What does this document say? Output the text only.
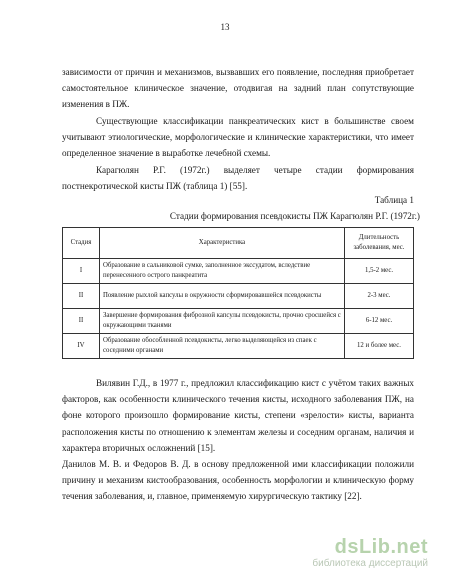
13

зависимости от причин и механизмов, вызвавших его появление, последняя приобретает самостоятельное клиническое значение, отодвигая на задний план сопутствующие изменения в ПЖ.

Существующие классификации панкреатических кист в большинстве своем учитывают этиологические, морфологические и клинические характеристики, что имеет определенное значение в выработке лечебной схемы.

Карагюлян Р.Г. (1972г.) выделяет четыре стадии формирования постнекротической кисты ПЖ (таблица 1) [55].

Таблица 1
Стадии формирования псевдокисты ПЖ Карагюлян Р.Г. (1972г.)
Стадия	Характеристика	Длительность заболевания, мес.
I	Образование в сальниковой сумке, заполненное экссудатом, вследствие перенесенного острого панкреатита	1,5-2 мес.
II	Появление рыхлой капсулы в окружности сформировавшейся псевдокисты	2-3 мес.
II	Завершение формирования фиброзной капсулы псевдокисты, прочно сросшейся с окружающими тканями	6-12 мес.
IV	Образование обособленной псевдокисты, легко выделяющейся из спаек с соседними органами	12 и более мес.

Вилявин Г.Д., в 1977 г., предложил классификацию кист с учётом таких важных факторов, как особенности клинического течения кисты, исходного заболевания ПЖ, на фоне которого произошло формирование кисты, степени «зрелости» кисты, варианта расположения кисты по отношению к элементам железы и соседним органам, наличия и характера вторичных осложнений [15].

Данилов М. В. и Федоров В. Д. в основу предложенной ими классификации положили причину и механизм кистообразования, особенность морфологии и клиническую форму течения заболевания, и, главное, применяемую хирургическую тактику [22].

dsLib.net
библиотека диссертаций
